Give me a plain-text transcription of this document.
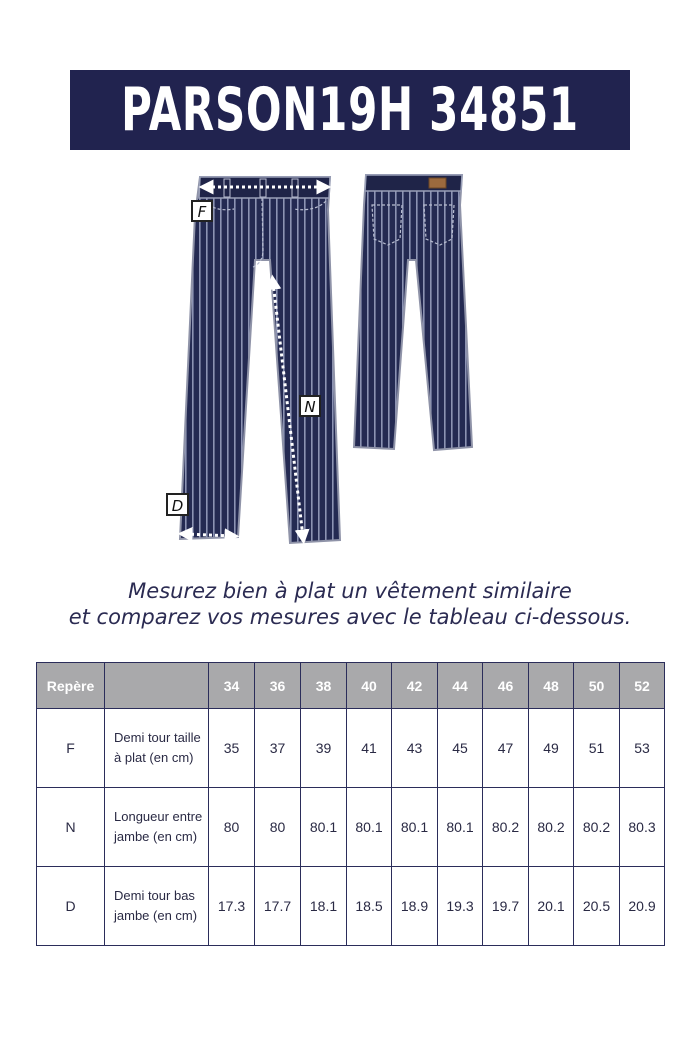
PARSON19H 34851
F
N
D
Mesurez bien à plat un vêtement similaire
et comparez vos mesures avec le tableau ci-dessous.
Repère		34	36	38	40	42	44	46	48	50	52
F	Demi tour taille à plat (en cm)	35	37	39	41	43	45	47	49	51	53
N	Longueur entre jambe (en cm)	80	80	80.1	80.1	80.1	80.1	80.2	80.2	80.2	80.3
D	Demi tour bas jambe (en cm)	17.3	17.7	18.1	18.5	18.9	19.3	19.7	20.1	20.5	20.9
